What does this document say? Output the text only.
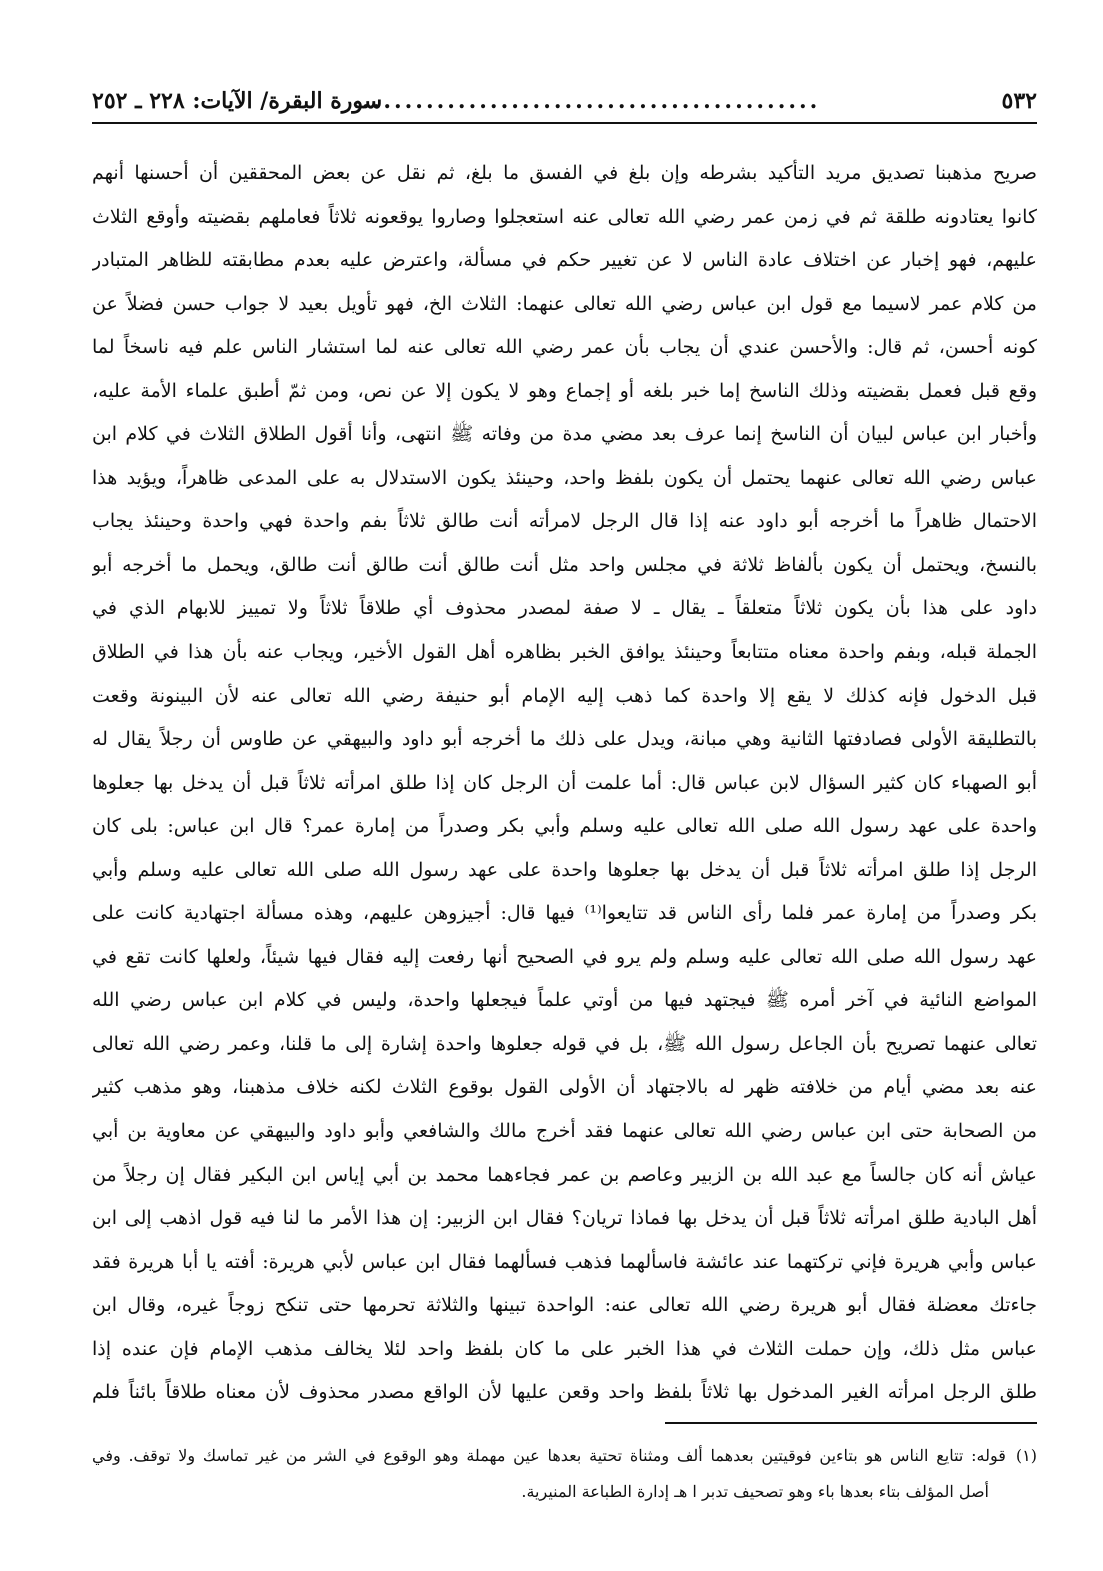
٥٣٢
...........................................
سورة البقرة/ الآيات: ٢٢٨ ـ ٢٥٢
صريح مذهبنا تصديق مريد التأكيد بشرطه وإن بلغ في الفسق ما بلغ، ثم نقل عن بعض المحققين أن أحسنها أنهم
كانوا يعتادونه طلقة ثم في زمن عمر رضي الله تعالى عنه استعجلوا وصاروا يوقعونه ثلاثاً فعاملهم بقضيته وأوقع الثلاث
عليهم، فهو إخبار عن اختلاف عادة الناس لا عن تغيير حكم في مسألة، واعترض عليه بعدم مطابقته للظاهر المتبادر
من كلام عمر لاسيما مع قول ابن عباس رضي الله تعالى عنهما: الثلاث الخ، فهو تأويل بعيد لا جواب حسن فضلاً عن
كونه أحسن، ثم قال: والأحسن عندي أن يجاب بأن عمر رضي الله تعالى عنه لما استشار الناس علم فيه ناسخاً لما
وقع قبل فعمل بقضيته وذلك الناسخ إما خبر بلغه أو إجماع وهو لا يكون إلا عن نص، ومن ثمّ أطبق علماء الأمة عليه،
وأخبار ابن عباس لبيان أن الناسخ إنما عرف بعد مضي مدة من وفاته ﷺ انتهى، وأنا أقول الطلاق الثلاث في كلام ابن
عباس رضي الله تعالى عنهما يحتمل أن يكون بلفظ واحد، وحينئذ يكون الاستدلال به على المدعى ظاهراً، ويؤيد هذا
الاحتمال ظاهراً ما أخرجه أبو داود عنه إذا قال الرجل لامرأته أنت طالق ثلاثاً بفم واحدة فهي واحدة وحينئذ يجاب
بالنسخ، ويحتمل أن يكون بألفاظ ثلاثة في مجلس واحد مثل أنت طالق أنت طالق أنت طالق، ويحمل ما أخرجه أبو
داود على هذا بأن يكون ثلاثاً متعلقاً ـ يقال ـ لا صفة لمصدر محذوف أي طلاقاً ثلاثاً ولا تمييز للابهام الذي في
الجملة قبله، وبفم واحدة معناه متتابعاً وحينئذ يوافق الخبر بظاهره أهل القول الأخير، ويجاب عنه بأن هذا في الطلاق
قبل الدخول فإنه كذلك لا يقع إلا واحدة كما ذهب إليه الإمام أبو حنيفة رضي الله تعالى عنه لأن البينونة وقعت
بالتطليقة الأولى فصادفتها الثانية وهي مبانة، ويدل على ذلك ما أخرجه أبو داود والبيهقي عن طاوس أن رجلاً يقال له
أبو الصهباء كان كثير السؤال لابن عباس قال: أما علمت أن الرجل كان إذا طلق امرأته ثلاثاً قبل أن يدخل بها جعلوها
واحدة على عهد رسول الله صلى الله تعالى عليه وسلم وأبي بكر وصدراً من إمارة عمر؟ قال ابن عباس: بلى كان
الرجل إذا طلق امرأته ثلاثاً قبل أن يدخل بها جعلوها واحدة على عهد رسول الله صلى الله تعالى عليه وسلم وأبي
بكر وصدراً من إمارة عمر فلما رأى الناس قد تتايعوا⁽¹⁾ فيها قال: أجيزوهن عليهم، وهذه مسألة اجتهادية كانت على
عهد رسول الله صلى الله تعالى عليه وسلم ولم يرو في الصحيح أنها رفعت إليه فقال فيها شيئاً، ولعلها كانت تقع في
المواضع النائية في آخر أمره ﷺ فيجتهد فيها من أوتي علماً فيجعلها واحدة، وليس في كلام ابن عباس رضي الله
تعالى عنهما تصريح بأن الجاعل رسول الله ﷺ، بل في قوله جعلوها واحدة إشارة إلى ما قلنا، وعمر رضي الله تعالى
عنه بعد مضي أيام من خلافته ظهر له بالاجتهاد أن الأولى القول بوقوع الثلاث لكنه خلاف مذهبنا، وهو مذهب كثير
من الصحابة حتى ابن عباس رضي الله تعالى عنهما فقد أخرج مالك والشافعي وأبو داود والبيهقي عن معاوية بن أبي
عياش أنه كان جالساً مع عبد الله بن الزبير وعاصم بن عمر فجاءهما محمد بن أبي إياس ابن البكير فقال إن رجلاً من
أهل البادية طلق امرأته ثلاثاً قبل أن يدخل بها فماذا تريان؟ فقال ابن الزبير: إن هذا الأمر ما لنا فيه قول اذهب إلى ابن
عباس وأبي هريرة فإني تركتهما عند عائشة فاسألهما فذهب فسألهما فقال ابن عباس لأبي هريرة: أفته يا أبا هريرة فقد
جاءتك معضلة فقال أبو هريرة رضي الله تعالى عنه: الواحدة تبينها والثلاثة تحرمها حتى تنكح زوجاً غيره، وقال ابن
عباس مثل ذلك، وإن حملت الثلاث في هذا الخبر على ما كان بلفظ واحد لئلا يخالف مذهب الإمام فإن عنده إذا
طلق الرجل امرأته الغير المدخول بها ثلاثاً بلفظ واحد وقعن عليها لأن الواقع مصدر محذوف لأن معناه طلاقاً بائناً فلم
(١)قوله: تتايع الناس هو بتاءين فوقيتين بعدهما ألف ومثناة تحتية بعدها عين مهملة وهو الوقوع في الشر من غير تماسك ولا توقف. وفي
أصل المؤلف بتاء بعدها باء وهو تصحيف تدبر ا هـ إدارة الطباعة المنيرية.
